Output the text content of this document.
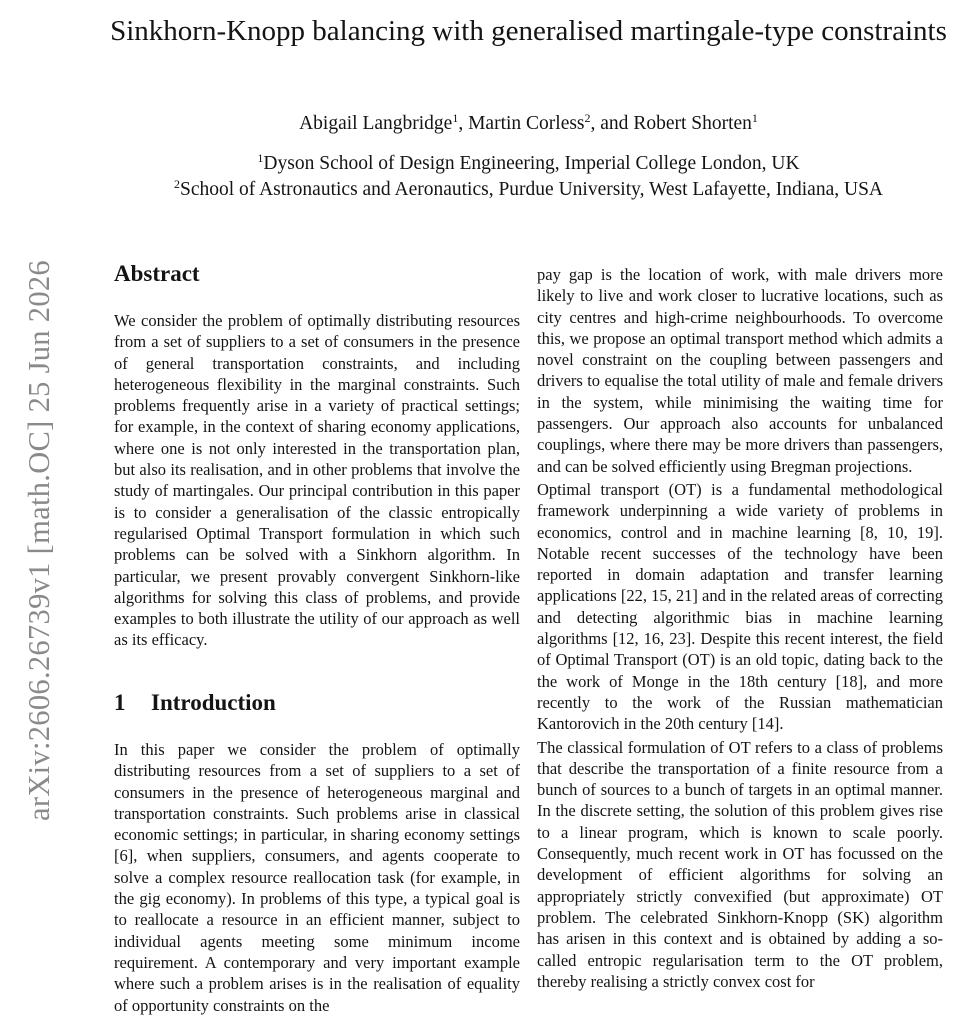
arXiv:2606.26739v1 [math.OC] 25 Jun 2026
Sinkhorn-Knopp balancing with generalised martingale-type constraints
Abigail Langbridge$^1$, Martin Corless$^2$, and Robert Shorten$^1$
$^1$Dyson School of Design Engineering, Imperial College London, UK
$^2$School of Astronautics and Aeronautics, Purdue University, West Lafayette, Indiana, USA
Abstract

We consider the problem of optimally distributing resources from a set of suppliers to a set of consumers in the presence of general transportation constraints, and including heterogeneous flexibility in the marginal constraints. Such problems frequently arise in a variety of practical settings; for example, in the context of sharing economy applications, where one is not only interested in the transportation plan, but also its realisation, and in other problems that involve the study of martingales. Our principal contribution in this paper is to consider a generalisation of the classic entropically regularised Optimal Transport formulation in which such problems can be solved with a Sinkhorn algorithm. In particular, we present provably convergent Sinkhorn-like algorithms for solving this class of problems, and provide examples to both illustrate the utility of our approach as well as its efficacy.

1 Introduction

In this paper we consider the problem of optimally distributing resources from a set of suppliers to a set of consumers in the presence of heterogeneous marginal and transportation constraints. Such problems arise in classical economic settings; in particular, in sharing economy settings [6], when suppliers, consumers, and agents cooperate to solve a complex resource reallocation task (for example, in the gig economy). In problems of this type, a typical goal is to reallocate a resource in an efficient manner, subject to individual agents meeting some minimum income requirement. A contemporary and very important example where such a problem arises is in the realisation of equality of opportunity constraints on the

pay gap is the location of work, with male drivers more likely to live and work closer to lucrative locations, such as city centres and high-crime neighbourhoods. To overcome this, we propose an optimal transport method which admits a novel constraint on the coupling between passengers and drivers to equalise the total utility of male and female drivers in the system, while minimising the waiting time for passengers. Our approach also accounts for unbalanced couplings, where there may be more drivers than passengers, and can be solved efficiently using Bregman projections.

Optimal transport (OT) is a fundamental methodological framework underpinning a wide variety of problems in economics, control and in machine learning [8, 10, 19]. Notable recent successes of the technology have been reported in domain adaptation and transfer learning applications [22, 15, 21] and in the related areas of correcting and detecting algorithmic bias in machine learning algorithms [12, 16, 23]. Despite this recent interest, the field of Optimal Transport (OT) is an old topic, dating back to the the work of Monge in the 18th century [18], and more recently to the work of the Russian mathematician Kantorovich in the 20th century [14].

The classical formulation of OT refers to a class of problems that describe the transportation of a finite resource from a bunch of sources to a bunch of targets in an optimal manner. In the discrete setting, the solution of this problem gives rise to a linear program, which is known to scale poorly. Consequently, much recent work in OT has focussed on the development of efficient algorithms for solving an appropriately strictly convexified (but approximate) OT problem. The celebrated Sinkhorn-Knopp (SK) algorithm has arisen in this context and is obtained by adding a so-called entropic regularisation term to the OT problem, thereby realising a strictly convex cost for
